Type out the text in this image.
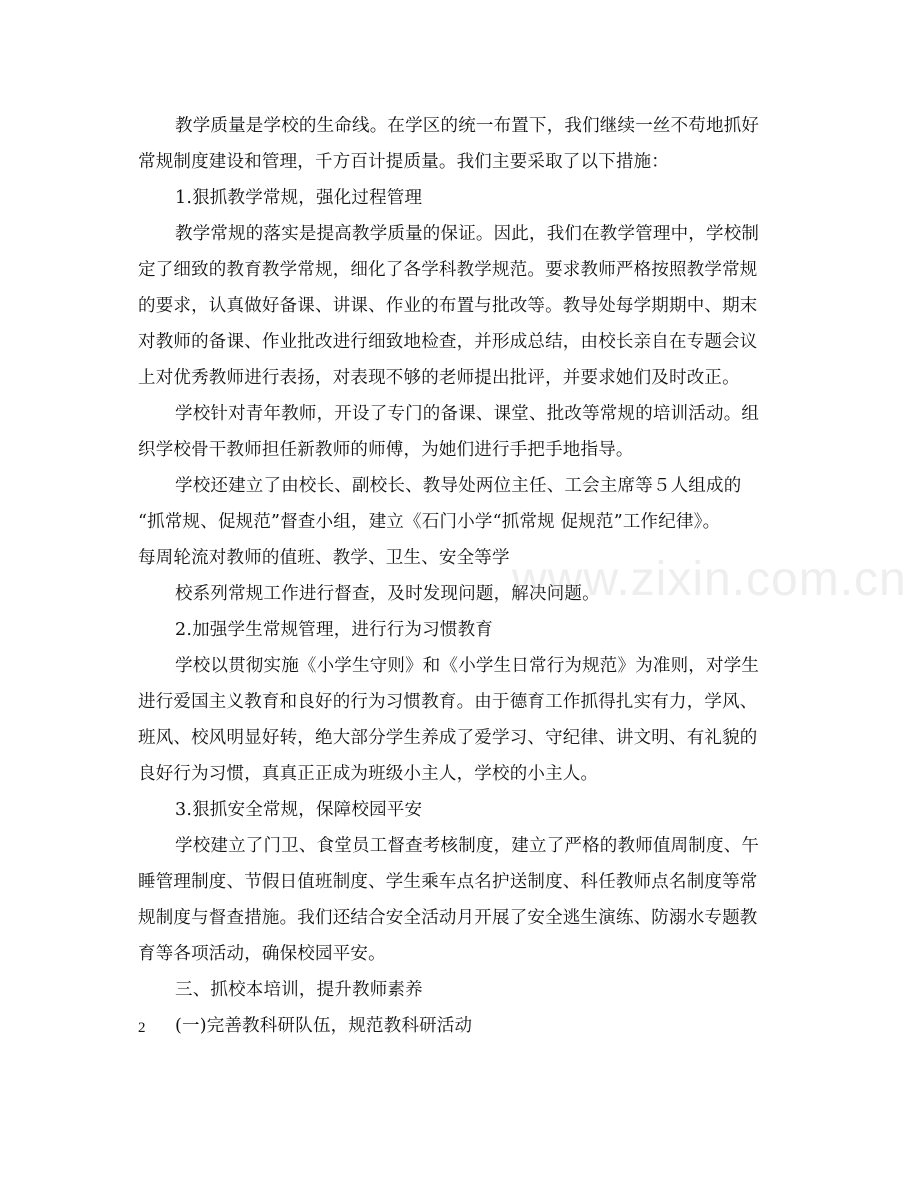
教学质量是学校的生命线。在学区的统一布置下，我们继续一丝不苟地抓好
常规制度建设和管理，千方百计提质量。我们主要采取了以下措施：
1.狠抓教学常规，强化过程管理
教学常规的落实是提高教学质量的保证。因此，我们在教学管理中，学校制
定了细致的教育教学常规，细化了各学科教学规范。要求教师严格按照教学常规
的要求，认真做好备课、讲课、作业的布置与批改等。教导处每学期期中、期末
对教师的备课、作业批改进行细致地检查，并形成总结，由校长亲自在专题会议
上对优秀教师进行表扬，对表现不够的老师提出批评，并要求她们及时改正。
学校针对青年教师，开设了专门的备课、课堂、批改等常规的培训活动。组
织学校骨干教师担任新教师的师傅，为她们进行手把手地指导。
学校还建立了由校长、副校长、教导处两位主任、工会主席等５人组成的
“抓常规、促规范”督查小组，建立《石门小学“抓常规 促规范”工作纪律》。
每周轮流对教师的值班、教学、卫生、安全等学
校系列常规工作进行督查，及时发现问题，解决问题。
2.加强学生常规管理，进行行为习惯教育
学校以贯彻实施《小学生守则》和《小学生日常行为规范》为准则，对学生
进行爱国主义教育和良好的行为习惯教育。由于德育工作抓得扎实有力，学风、
班风、校风明显好转，绝大部分学生养成了爱学习、守纪律、讲文明、有礼貌的
良好行为习惯，真真正正成为班级小主人，学校的小主人。
3.狠抓安全常规，保障校园平安
学校建立了门卫、食堂员工督查考核制度，建立了严格的教师值周制度、午
睡管理制度、节假日值班制度、学生乘车点名护送制度、科任教师点名制度等常
规制度与督查措施。我们还结合安全活动月开展了安全逃生演练、防溺水专题教
育等各项活动，确保校园平安。
三、抓校本培训，提升教师素养
(一)完善教科研队伍，规范教科研活动
www.zixin.com.cn
2
